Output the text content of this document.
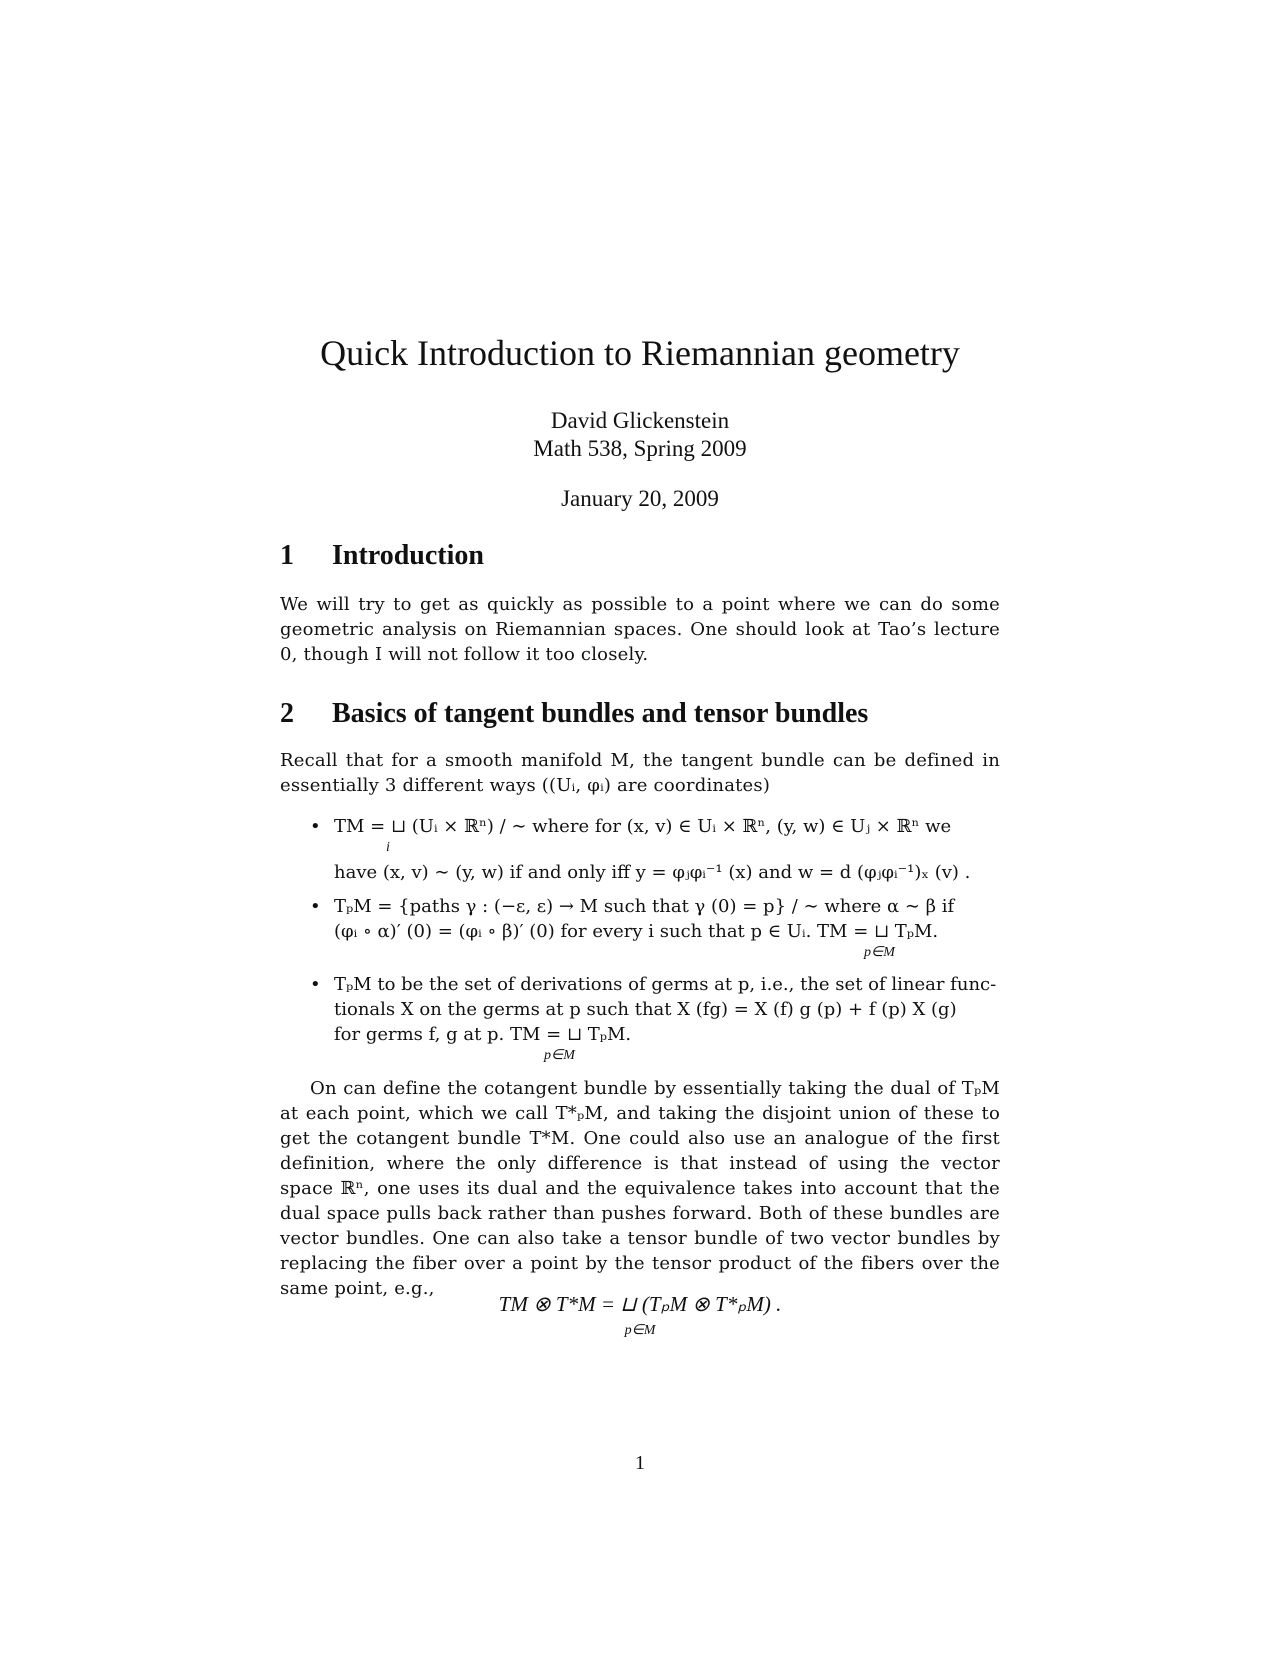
Quick Introduction to Riemannian geometry
David Glickenstein
Math 538, Spring 2009
January 20, 2009
1 Introduction
We will try to get as quickly as possible to a point where we can do some geometric analysis on Riemannian spaces. One should look at Tao’s lecture 0, though I will not follow it too closely.
2 Basics of tangent bundles and tensor bundles
Recall that for a smooth manifold M, the tangent bundle can be defined in essentially 3 different ways ((Uᵢ, φᵢ) are coordinates)
• TM = ⊔ (Uᵢ × ℝⁿ) / ∼ where for (x, v) ∈ Uᵢ × ℝⁿ, (y, w) ∈ Uⱼ × ℝⁿ we
i
have (x, v) ∼ (y, w) if and only iff y = φⱼφᵢ⁻¹ (x) and w = d (φⱼφᵢ⁻¹)ₓ (v) .
• TₚM = {paths γ : (−ε, ε) → M such that γ (0) = p} / ∼ where α ∼ β if
(φᵢ ∘ α)′ (0) = (φᵢ ∘ β)′ (0) for every i such that p ∈ Uᵢ. TM = ⊔ TₚM.
p∈M
• TₚM to be the set of derivations of germs at p, i.e., the set of linear func-
tionals X on the germs at p such that X (fg) = X (f) g (p) + f (p) X (g)
for germs f, g at p. TM = ⊔ TₚM.
p∈M
On can define the cotangent bundle by essentially taking the dual of TₚM at each point, which we call T*ₚM, and taking the disjoint union of these to get the cotangent bundle T*M. One could also use an analogue of the first definition, where the only difference is that instead of using the vector space ℝⁿ, one uses its dual and the equivalence takes into account that the dual space pulls back rather than pushes forward. Both of these bundles are vector bundles. One can also take a tensor bundle of two vector bundles by replacing the fiber over a point by the tensor product of the fibers over the same point, e.g.,
TM ⊗ T*M = ⊔ (TₚM ⊗ T*ₚM) .
p∈M
1
